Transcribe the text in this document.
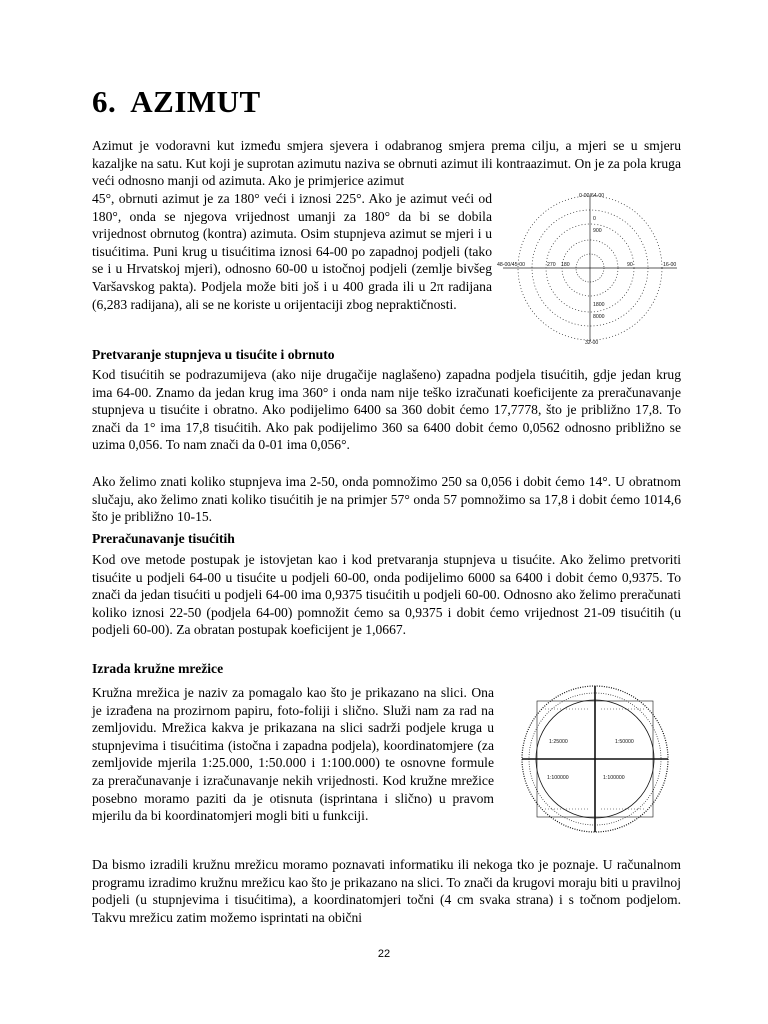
6. AZIMUT

Azimut je vodoravni kut između smjera sjevera i odabranog smjera prema cilju, a mjeri se u smjeru kazaljke na satu. Kut koji je suprotan azimutu naziva se obrnuti azimut ili kontraazimut. On je za pola kruga veći odnosno manji od azimuta. Ako je primjerice azimut

45°, obrnuti azimut je za 180° veći i iznosi 225°. Ako je azimut veći od 180°, onda se njegova vrijednost umanji za 180° da bi se dobila vrijednost obrnutog (kontra) azimuta. Osim stupnjeva azimut se mjeri i u tisućitima. Puni krug u tisućitima iznosi 64-00 po zapadnoj podjeli (tako se i u Hrvatskoj mjeri), odnosno 60-00 u istočnoj podjeli (zemlje bivšeg Varšavskog pakta). Podjela može biti još i u 400 grada ili u 2π radijana (6,283 radijana), ali se ne koriste u orijentaciji zbog nepraktičnosti.

0-00/64-00
48-00/45-00	16-00
32-00
0
900
1800
270 180	90
8000

Pretvaranje stupnjeva u tisućite i obrnuto

Kod tisućitih se podrazumijeva (ako nije drugačije naglašeno) zapadna podjela tisućitih, gdje jedan krug ima 64-00. Znamo da jedan krug ima 360° i onda nam nije teško izračunati koeficijente za preračunavanje stupnjeva u tisućite i obratno. Ako podijelimo 6400 sa 360 dobit ćemo 17,7778, što je približno 17,8. To znači da 1° ima 17,8 tisućitih. Ako pak podijelimo 360 sa 6400 dobit ćemo 0,0562 odnosno približno se uzima 0,056. To nam znači da 0-01 ima 0,056°.

Ako želimo znati koliko stupnjeva ima 2-50, onda pomnožimo 250 sa 0,056 i dobit ćemo 14°. U obratnom slučaju, ako želimo znati koliko tisućitih je na primjer 57° onda 57 pomnožimo sa 17,8 i dobit ćemo 1014,6 što je približno 10-15.

Preračunavanje tisućitih

Kod ove metode postupak je istovjetan kao i kod pretvaranja stupnjeva u tisućite. Ako želimo pretvoriti tisućite u podjeli 64-00 u tisućite u podjeli 60-00, onda podijelimo 6000 sa 6400 i dobit ćemo 0,9375. To znači da jedan tisućiti u podjeli 64-00 ima 0,9375 tisućitih u podjeli 60-00. Odnosno ako želimo preračunati koliko iznosi 22-50 (podjela 64-00) pomnožit ćemo sa 0,9375 i dobit ćemo vrijednost 21-09 tisućitih (u podjeli 60-00). Za obratan postupak koeficijent je 1,0667.

Izrada kružne mrežice

Kružna mrežica je naziv za pomagalo kao što je prikazano na slici. Ona je izrađena na prozirnom papiru, foto-foliji i slično. Služi nam za rad na zemljovidu. Mrežica kakva je prikazana na slici sadrži podjele kruga u stupnjevima i tisućitima (istočna i zapadna podjela), koordinatomjere (za zemljovide mjerila 1:25.000, 1:50.000 i 1:100.000) te osnovne formule za preračunavanje i izračunavanje nekih vrijednosti. Kod kružne mrežice posebno moramo paziti da je otisnuta (isprintana i slično) u pravom mjerilu da bi koordinatomjeri mogli biti u funkciji.

1:25000	1:50000
1:100000	1:100000

Da bismo izradili kružnu mrežicu moramo poznavati informatiku ili nekoga tko je poznaje. U računalnom programu izradimo kružnu mrežicu kao što je prikazano na slici. To znači da krugovi moraju biti u pravilnoj podjeli (u stupnjevima i tisućitima), a koordinatomjeri točni (4 cm svaka strana) i s točnom podjelom. Takvu mrežicu zatim možemo isprintati na obični

22
